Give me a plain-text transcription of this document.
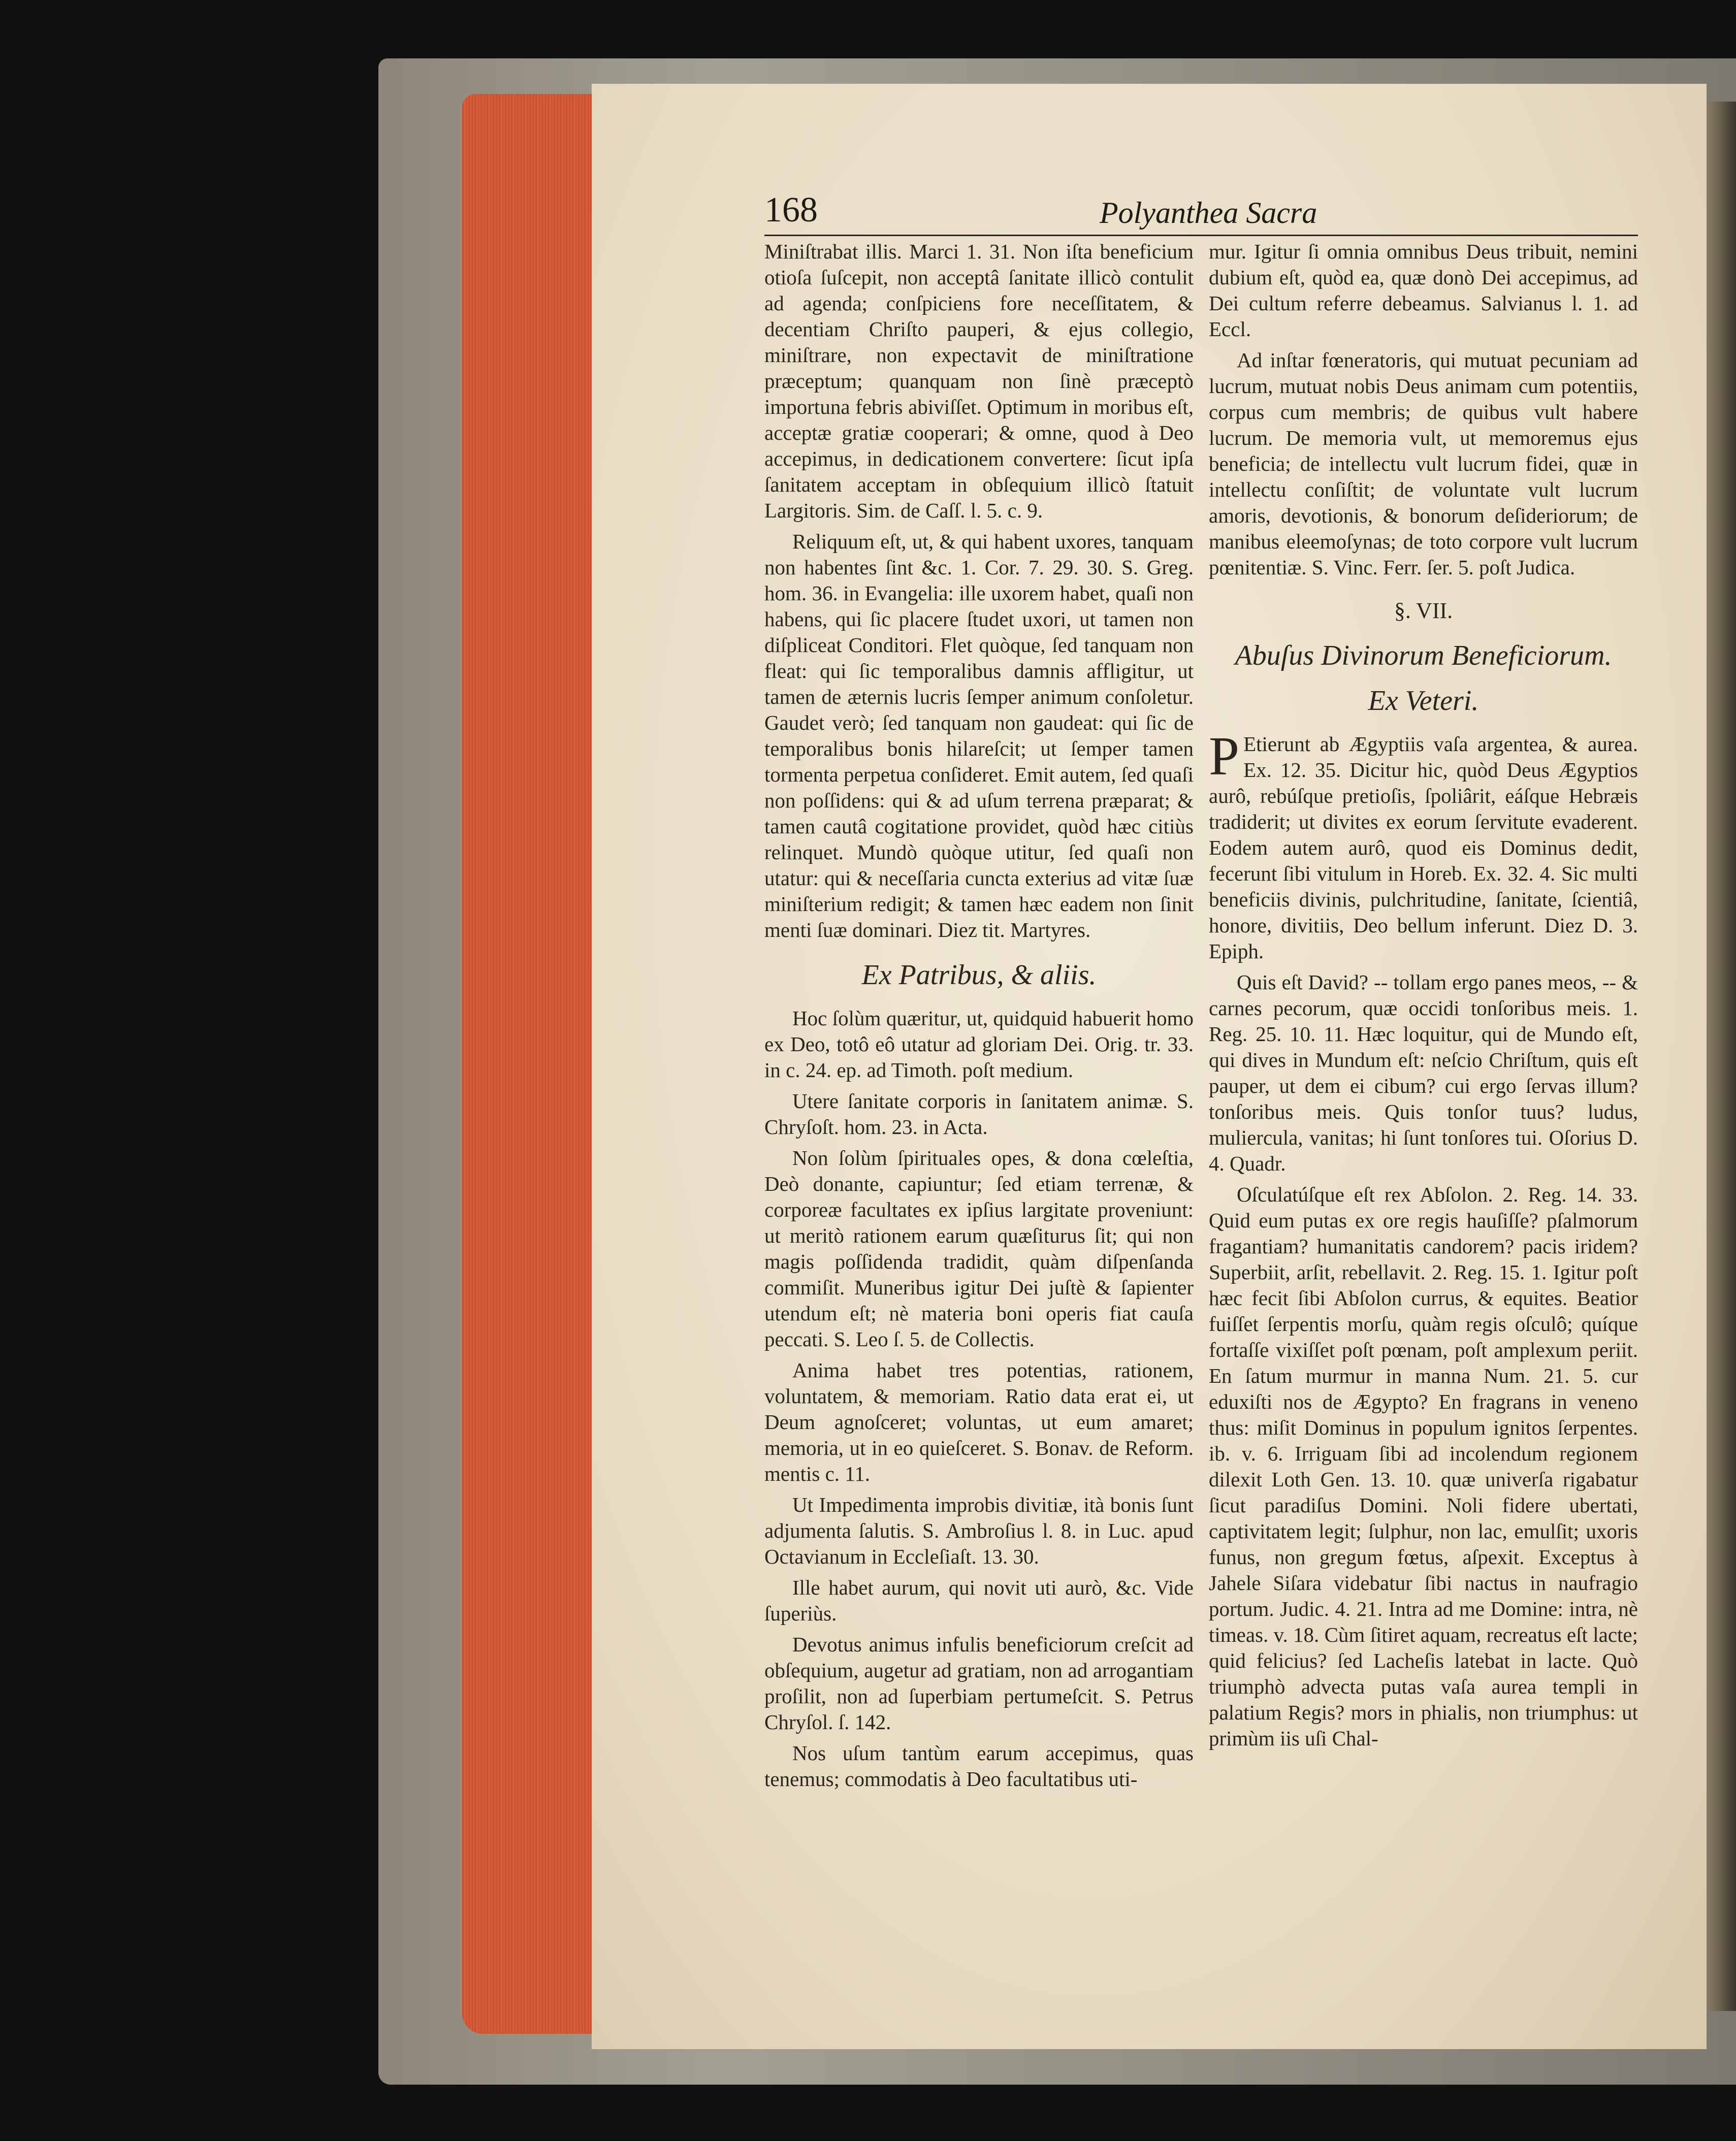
168	Polyanthea Sacra

Miniſtrabat illis. Marci 1. 31. Non iſta beneficium otioſa ſuſcepit, non acceptâ ſanitate illicò contulit ad agenda; conſpiciens fore neceſſitatem, & decentiam Chriſto pauperi, & ejus collegio, miniſtrare, non expectavit de miniſtratione præceptum; quanquam non ſinè præceptò importuna febris abiviſſet. Optimum in moribus eſt, acceptæ gratiæ cooperari; & omne, quod à Deo accepimus, in dedicationem convertere: ſicut ipſa ſanitatem acceptam in obſequium illicò ſtatuit Largitoris. Sim. de Caſſ. l. 5. c. 9.

Reliquum eſt, ut, & qui habent uxores, tanquam non habentes ſint &c. 1. Cor. 7. 29. 30. S. Greg. hom. 36. in Evangelia: ille uxorem habet, quaſi non habens, qui ſic placere ſtudet uxori, ut tamen non diſpliceat Conditori. Flet quòque, ſed tanquam non fleat: qui ſic temporalibus damnis affligitur, ut tamen de æternis lucris ſemper animum conſoletur. Gaudet verò; ſed tanquam non gaudeat: qui ſic de temporalibus bonis hilareſcit; ut ſemper tamen tormenta perpetua conſideret. Emit autem, ſed quaſi non poſſidens: qui & ad uſum terrena præparat; & tamen cautâ cogitatione providet, quòd hæc citiùs relinquet. Mundò quòque utitur, ſed quaſi non utatur: qui & neceſſaria cuncta exterius ad vitæ ſuæ miniſterium redigit; & tamen hæc eadem non ſinit menti ſuæ dominari. Diez tit. Martyres.

Ex Patribus, & aliis.

Hoc ſolùm quæritur, ut, quidquid habuerit homo ex Deo, totô eô utatur ad gloriam Dei. Orig. tr. 33. in c. 24. ep. ad Timoth. poſt medium.

Utere ſanitate corporis in ſanitatem animæ. S. Chryſoſt. hom. 23. in Acta.

Non ſolùm ſpirituales opes, & dona cœleſtia, Deò donante, capiuntur; ſed etiam terrenæ, & corporeæ facultates ex ipſius largitate proveniunt: ut meritò rationem earum quæſiturus ſit; qui non magis poſſidenda tradidit, quàm diſpenſanda commiſit. Muneribus igitur Dei juſtè & ſapienter utendum eſt; nè materia boni operis fiat cauſa peccati. S. Leo ſ. 5. de Collectis.

Anima habet tres potentias, rationem, voluntatem, & memoriam. Ratio data erat ei, ut Deum agnoſceret; voluntas, ut eum amaret; memoria, ut in eo quieſceret. S. Bonav. de Reform. mentis c. 11.

Ut Impedimenta improbis divitiæ, ità bonis ſunt adjumenta ſalutis. S. Ambroſius l. 8. in Luc. apud Octavianum in Eccleſiaſt. 13. 30.

Ille habet aurum, qui novit uti aurò, &c. Vide ſuperiùs.

Devotus animus infulis beneficiorum creſcit ad obſequium, augetur ad gratiam, non ad arrogantiam proſilit, non ad ſuperbiam pertumeſcit. S. Petrus Chryſol. ſ. 142.

Nos uſum tantùm earum accepimus, quas tenemus; commodatis à Deo facultatibus uti-

mur. Igitur ſi omnia omnibus Deus tribuit, nemini dubium eſt, quòd ea, quæ donò Dei accepimus, ad Dei cultum referre debeamus. Salvianus l. 1. ad Eccl.

Ad inſtar fœneratoris, qui mutuat pecuniam ad lucrum, mutuat nobis Deus animam cum potentiis, corpus cum membris; de quibus vult habere lucrum. De memoria vult, ut memoremus ejus beneficia; de intellectu vult lucrum fidei, quæ in intellectu conſiſtit; de voluntate vult lucrum amoris, devotionis, & bonorum deſideriorum; de manibus eleemoſynas; de toto corpore vult lucrum pœnitentiæ. S. Vinc. Ferr. ſer. 5. poſt Judica.

§. VII.
Abuſus Divinorum Beneficiorum.
Ex Veteri.

P Etierunt ab Ægyptiis vaſa argentea, & aurea. Ex. 12. 35. Dicitur hic, quòd Deus Ægyptios aurô, rebúſque pretioſis, ſpoliârit, eáſque Hebræis tradiderit; ut divites ex eorum ſervitute evaderent. Eodem autem aurô, quod eis Dominus dedit, fecerunt ſibi vitulum in Horeb. Ex. 32. 4. Sic multi beneficiis divinis, pulchritudine, ſanitate, ſcientiâ, honore, divitiis, Deo bellum inferunt. Diez D. 3. Epiph.

Quis eſt David? -- tollam ergo panes meos, -- & carnes pecorum, quæ occidi tonſoribus meis. 1. Reg. 25. 10. 11. Hæc loquitur, qui de Mundo eſt, qui dives in Mundum eſt: neſcio Chriſtum, quis eſt pauper, ut dem ei cibum? cui ergo ſervas illum? tonſoribus meis. Quis tonſor tuus? ludus, muliercula, vanitas; hi ſunt tonſores tui. Oſorius D. 4. Quadr.

Oſculatúſque eſt rex Abſolon. 2. Reg. 14. 33. Quid eum putas ex ore regis hauſiſſe? pſalmorum fragantiam? humanitatis candorem? pacis iridem? Superbiit, arſit, rebellavit. 2. Reg. 15. 1. Igitur poſt hæc fecit ſibi Abſolon currus, & equites. Beatior fuiſſet ſerpentis morſu, quàm regis oſculô; quíque fortaſſe vixiſſet poſt pœnam, poſt amplexum periit. En ſatum murmur in manna Num. 21. 5. cur eduxiſti nos de Ægypto? En fragrans in veneno thus: miſit Dominus in populum ignitos ſerpentes. ib. v. 6. Irriguam ſibi ad incolendum regionem dilexit Loth Gen. 13. 10. quæ univerſa rigabatur ſicut paradiſus Domini. Noli fidere ubertati, captivitatem legit; ſulphur, non lac, emulſit; uxoris funus, non gregum fœtus, aſpexit. Exceptus à Jahele Siſara videbatur ſibi nactus in naufragio portum. Judic. 4. 21. Intra ad me Domine: intra, nè timeas. v. 18. Cùm ſitiret aquam, recreatus eſt lacte; quid felicius? ſed Lacheſis latebat in lacte. Quò triumphò advecta putas vaſa aurea templi in palatium Regis? mors in phialis, non triumphus: ut primùm iis uſi Chal-
